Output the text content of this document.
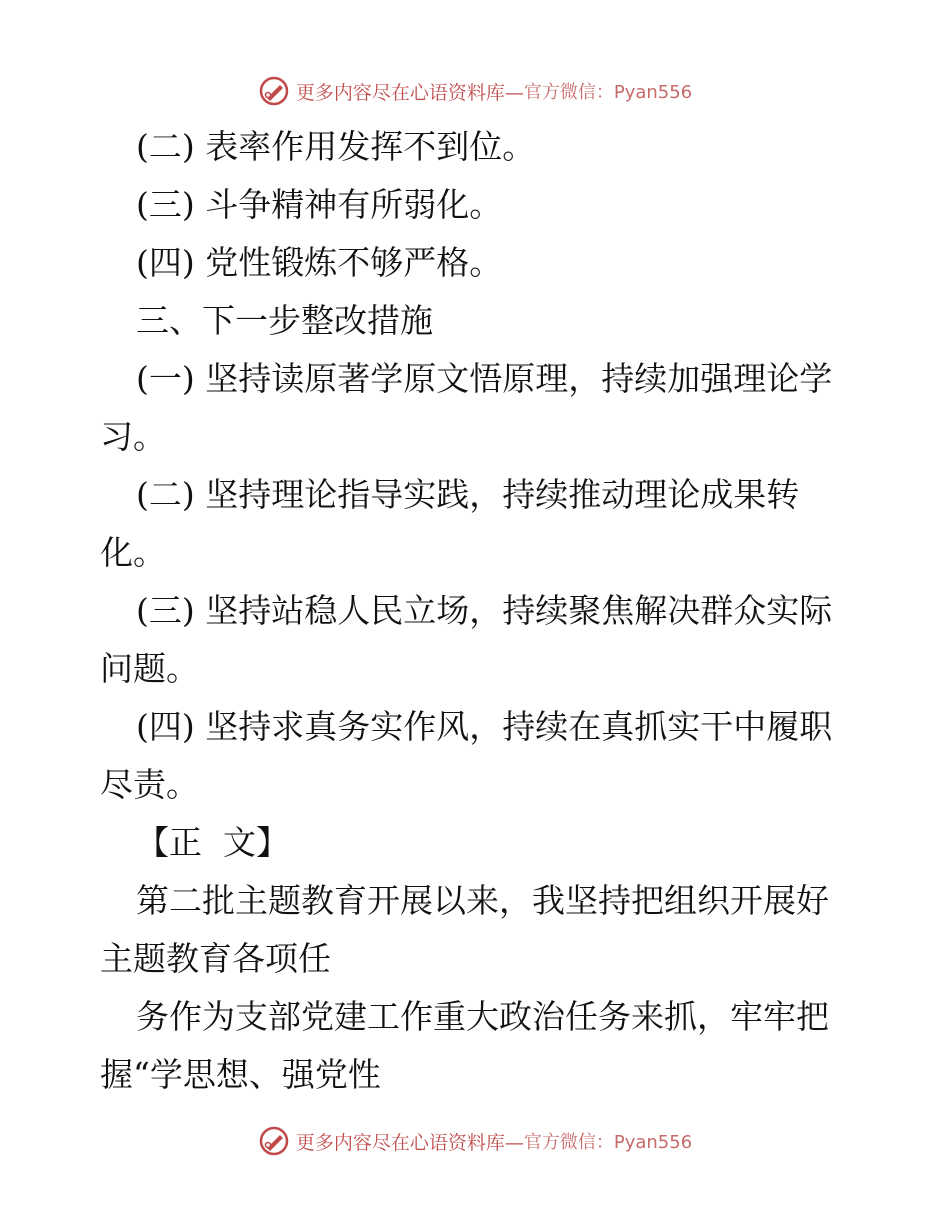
更多内容尽在心语资料库— 官方微信：Pyan556
(二) 表率作用发挥不到位。
(三) 斗争精神有所弱化。
(四) 党性锻炼不够严格。
三、下一步整改措施
(一) 坚持读原著学原文悟原理，持续加强理论学
习。
(二) 坚持理论指导实践，持续推动理论成果转
化。
(三) 坚持站稳人民立场，持续聚焦解决群众实际
问题。
(四) 坚持求真务实作风，持续在真抓实干中履职
尽责。
【正  文】
第二批主题教育开展以来，我坚持把组织开展好
主题教育各项任
务作为支部党建工作重大政治任务来抓，牢牢把
握“学思想、强党性
更多内容尽在心语资料库— 官方微信：Pyan556
